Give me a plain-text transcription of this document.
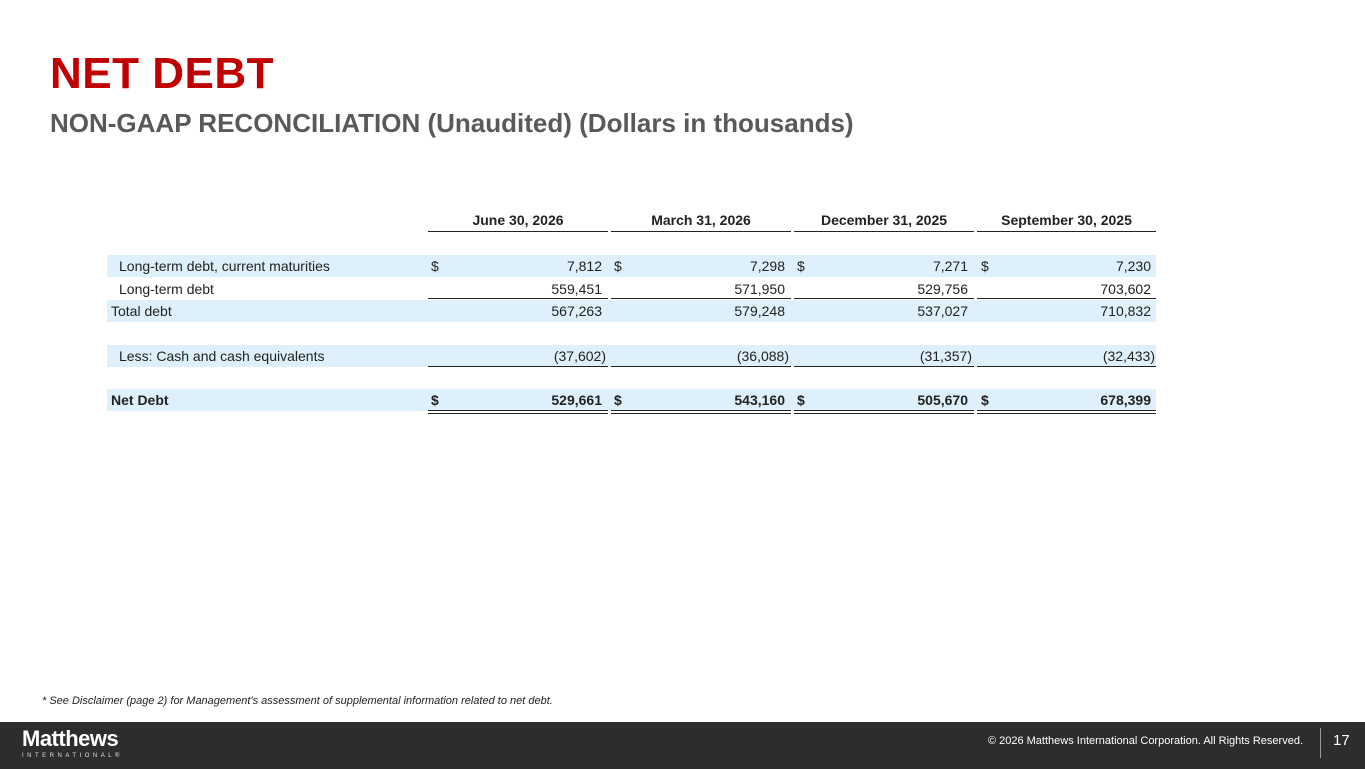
NET DEBT
NON-GAAP RECONCILIATION (Unaudited) (Dollars in thousands)
June 30, 2026	March 31, 2026	December 31, 2025	September 30, 2025
Long-term debt, current maturities	$	7,812 $	7,298 $	7,271 $	7,230
Long-term debt	559,451	571,950	529,756	703,602
Total debt	567,263	579,248	537,027	710,832
Less: Cash and cash equivalents	(37,602)	(36,088)	(31,357)	(32,433)
Net Debt	$	529,661 $	543,160 $	505,670 $	678,399
* See Disclaimer (page 2) for Management's assessment of supplemental information related to net debt.
Matthews
INTERNATIONAL®
© 2026 Matthews International Corporation. All Rights Reserved. 17
